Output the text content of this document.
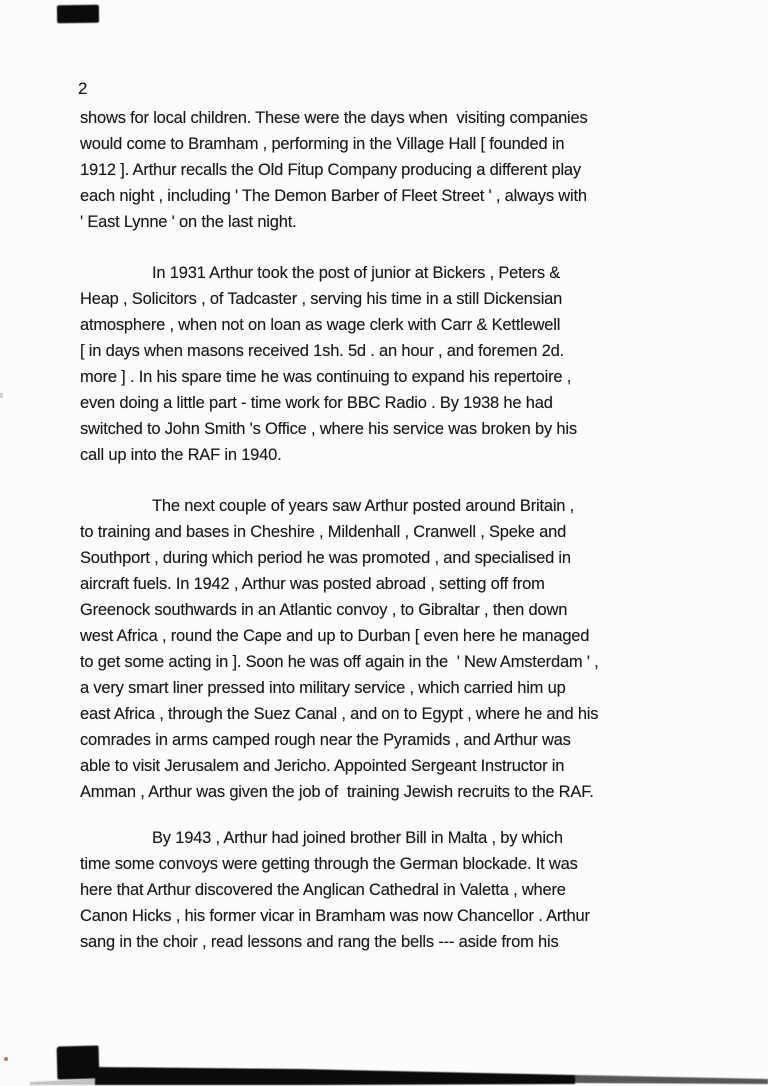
2

shows for local children. These were the days when  visiting companies
would come to Bramham , performing in the Village Hall [ founded in
1912 ]. Arthur recalls the Old Fitup Company producing a different play
each night , including ' The Demon Barber of Fleet Street ' , always with
' East Lynne ' on the last night.

In 1931 Arthur took the post of junior at Bickers , Peters &
Heap , Solicitors , of Tadcaster , serving his time in a still Dickensian
atmosphere , when not on loan as wage clerk with Carr & Kettlewell
[ in days when masons received 1sh. 5d . an hour , and foremen 2d.
more ] . In his spare time he was continuing to expand his repertoire ,
even doing a little part - time work for BBC Radio . By 1938 he had
switched to John Smith 's Office , where his service was broken by his
call up into the RAF in 1940.

The next couple of years saw Arthur posted around Britain ,
to training and bases in Cheshire , Mildenhall , Cranwell , Speke and
Southport , during which period he was promoted , and specialised in
aircraft fuels. In 1942 , Arthur was posted abroad , setting off from
Greenock southwards in an Atlantic convoy , to Gibraltar , then down
west Africa , round the Cape and up to Durban [ even here he managed
to get some acting in ]. Soon he was off again in the  ' New Amsterdam ' ,
a very smart liner pressed into military service , which carried him up
east Africa , through the Suez Canal , and on to Egypt , where he and his
comrades in arms camped rough near the Pyramids , and Arthur was
able to visit Jerusalem and Jericho. Appointed Sergeant Instructor in
Amman , Arthur was given the job of  training Jewish recruits to the RAF.

By 1943 , Arthur had joined brother Bill in Malta , by which
time some convoys were getting through the German blockade. It was
here that Arthur discovered the Anglican Cathedral in Valetta , where
Canon Hicks , his former vicar in Bramham was now Chancellor . Arthur
sang in the choir , read lessons and rang the bells --- aside from his
